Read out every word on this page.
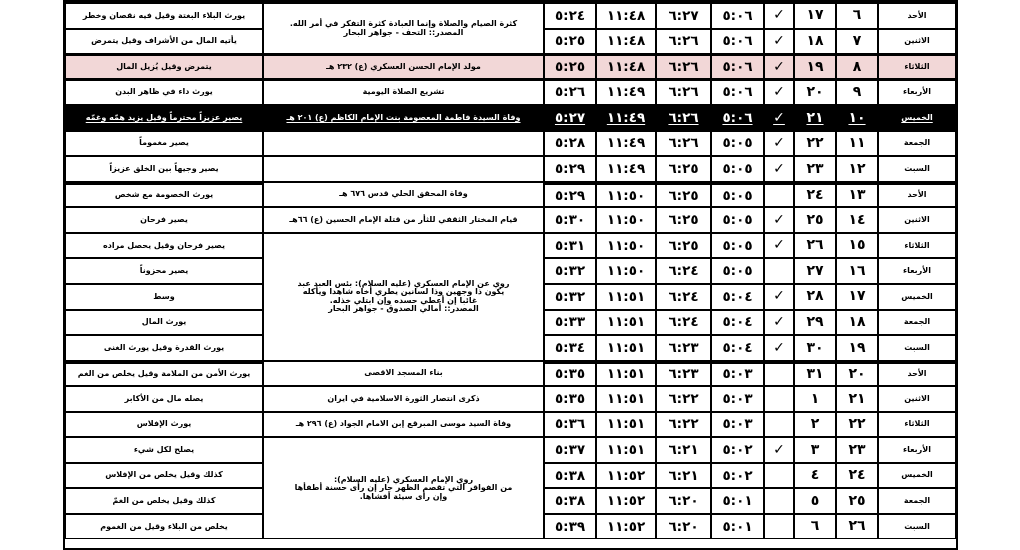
الأحد
٦
١٧
✓
٥:٠٦
٦:٢٧
١١:٤٨
٥:٢٤
يورث البلاء البغتة وقيل فيه نقصان وخطر
الاثنين
٧
١٨
✓
٥:٠٦
٦:٢٦
١١:٤٨
٥:٢٥
يأتيه المال من الأشراف وقيل يتمرض
الثلاثاء
٨
١٩
✓
٥:٠٦
٦:٢٦
١١:٤٨
٥:٢٥
يتمرض وقيل يُزيل المال
الأربعاء
٩
٢٠
✓
٥:٠٦
٦:٢٦
١١:٤٩
٥:٢٦
يورث داء في ظاهر البدن
الخميس
١٠
٢١
✓
٥:٠٦
٦:٢٦
١١:٤٩
٥:٢٧
يصير عزيزاً محترماً وقيل يزيد همّه وغمّه
الجمعة
١١
٢٢
✓
٥:٠٥
٦:٢٦
١١:٤٩
٥:٢٨
يصير مغموماً
السبت
١٢
٢٣
✓
٥:٠٥
٦:٢٥
١١:٤٩
٥:٢٩
يصير وجيهاً بين الخلق عزيزاً
الأحد
١٣
٢٤
٥:٠٥
٦:٢٥
١١:٥٠
٥:٢٩
يورث الخصومة مع شخص
الاثنين
١٤
٢٥
✓
٥:٠٥
٦:٢٥
١١:٥٠
٥:٣٠
يصير فرحان
الثلاثاء
١٥
٢٦
✓
٥:٠٥
٦:٢٥
١١:٥٠
٥:٣١
يصير فرحان وقيل يحصل مراده
الأربعاء
١٦
٢٧
٥:٠٥
٦:٢٤
١١:٥٠
٥:٣٢
يصير محزوناً
الخميس
١٧
٢٨
✓
٥:٠٤
٦:٢٤
١١:٥١
٥:٣٢
وسط
الجمعة
١٨
٢٩
✓
٥:٠٤
٦:٢٤
١١:٥١
٥:٣٣
يورث المال
السبت
١٩
٣٠
✓
٥:٠٤
٦:٢٣
١١:٥١
٥:٣٤
يورث القدرة وقيل يورث الغنى
الأحد
٢٠
٣١
٥:٠٣
٦:٢٣
١١:٥١
٥:٣٥
يورث الأمن من الملامة وقيل يخلص من الغم
الاثنين
٢١
١
٥:٠٣
٦:٢٢
١١:٥١
٥:٣٥
يصله مال من الأكابر
الثلاثاء
٢٢
٢
٥:٠٣
٦:٢٢
١١:٥١
٥:٣٦
يورث الإفلاس
الأربعاء
٢٣
٣
✓
٥:٠٢
٦:٢١
١١:٥١
٥:٣٧
يصلح لكل شيء
الخميس
٢٤
٤
٥:٠٢
٦:٢١
١١:٥٢
٥:٣٨
كذلك وقيل يخلص من الإفلاس
الجمعة
٢٥
٥
٥:٠١
٦:٢٠
١١:٥٢
٥:٣٨
كذلك وقيل يخلص من الغمّ
السبت
٢٦
٦
٥:٠١
٦:٢٠
١١:٥٢
٥:٣٩
يخلص من البلاء وقيل من الغموم
كثرة الصيام والصلاة وإنما العبادة كثرة التفكر في أمر الله.
المصدر:: التحف - جواهر البحار
مولد الإمام الحسن العسكري (ع) ٢٣٢ هـ
تشريع الصلاة اليومية
وفاة السيدة فاطمة المعصومة بنت الإمام الكاظم (ع) ٢٠١ هـ
وفاة المحقق الحلي قدس ٦٧٦ هـ
قيام المختار الثقفي للثأر من قتلة الإمام الحسين (ع) ٦٦هـ
روي عن الإمام العسكري (عليه السلام): بئس العبد عبد
يكون ذا وجهين وذا لسانين يطري أخاه شاهدا ويأكله
غائبا إن أعطي حسده وإن ابتلي خذله.
المصدر:: أمالي الصدوق - جواهر البحار
بناء المسجد الاقصى
ذكرى انتصار الثورة الاسلامية في ايران
وفاة السيد موسى المبرقع إبن الامام الجواد (ع) ٢٩٦ هـ
روي الإمام العسكري (عليه السلام):
من الفواقر التي تقصم الظهر جار إن رأى حسنة أطفأها
وإن رأى سيئة أفشاها.
